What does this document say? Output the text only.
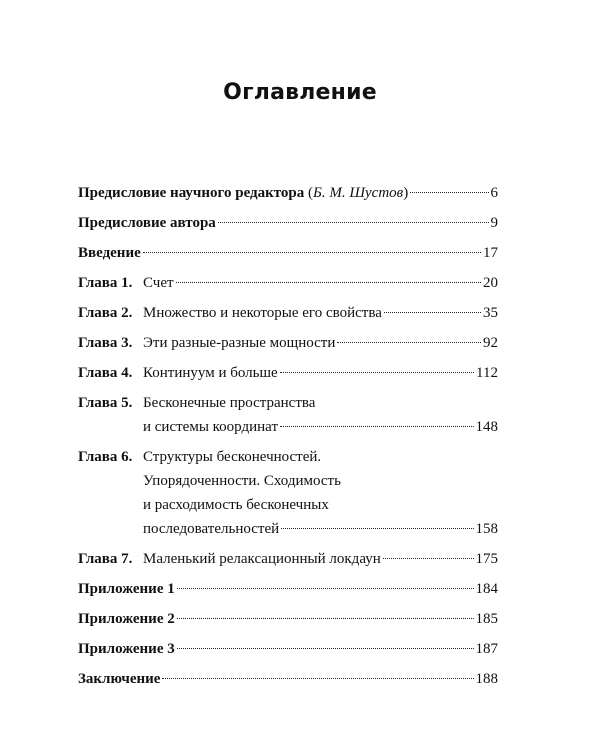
Оглавление
Предисловие научного редактора ( Б. М. Шустов )	6
Предисловие автора	9
Введение	17
Глава 1. Счет	20
Глава 2. Множество и некоторые его свойства	35
Глава 3. Эти разные-разные мощности	92
Глава 4. Континуум и больше	112
Глава 5. Бесконечные пространства
и системы координат	148
Глава 6. Структуры бесконечностей.
Упорядоченности. Сходимость
и расходимость бесконечных
последовательностей	158
Глава 7. Маленький релаксационный локдаун	175
Приложение 1	184
Приложение 2	185
Приложение 3	187
Заключение	188
